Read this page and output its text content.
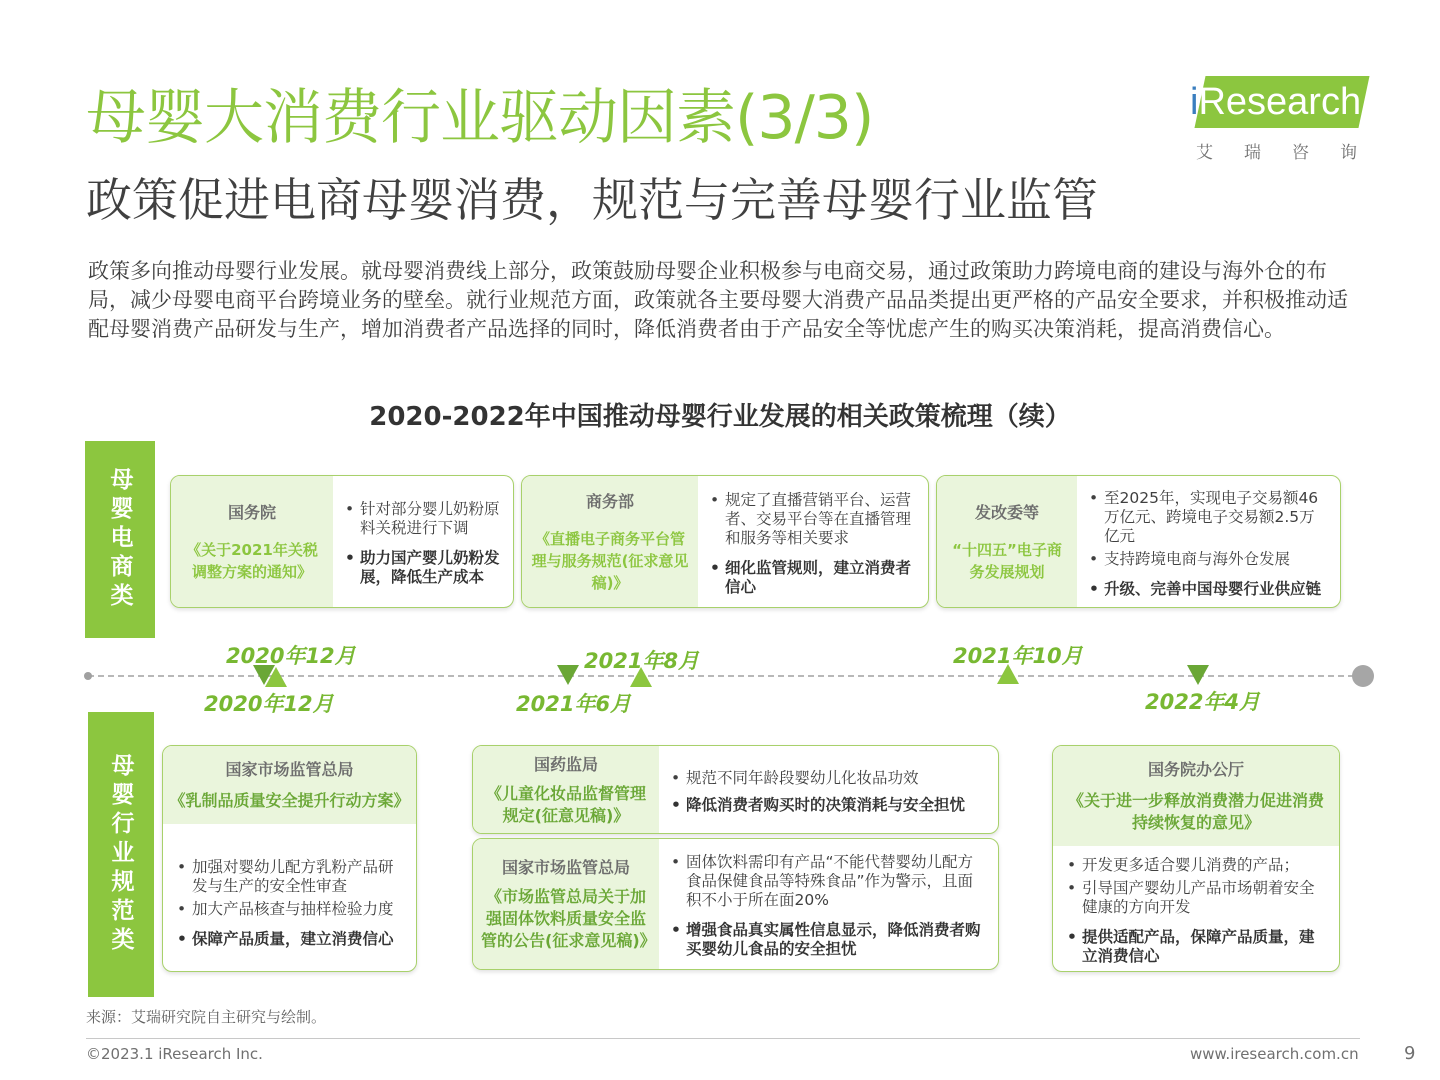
母婴大消费行业驱动因素(3/3)
政策促进电商母婴消费，规范与完善母婴行业监管
iResearch
艾瑞咨询
政策多向推动母婴行业发展。就母婴消费线上部分，政策鼓励母婴企业积极参与电商交易，通过政策助力跨境电商的建设与海外仓的布局，减少母婴电商平台跨境业务的壁垒。就行业规范方面，政策就各主要母婴大消费产品品类提出更严格的产品安全要求，并积极推动适配母婴消费产品研发与生产，增加消费者产品选择的同时，降低消费者由于产品安全等忧虑产生的购买决策消耗，提高消费信心。
2020-2022年中国推动母婴行业发展的相关政策梳理（续）
母婴电商类
母婴行业规范类
国务院
《关于2021年关税调整方案的通知》
• 针对部分婴儿奶粉原料关税进行下调
• 助力国产婴儿奶粉发展，降低生产成本
商务部
《直播电子商务平台管理与服务规范(征求意见稿)》
• 规定了直播营销平台、运营者、交易平台等在直播管理和服务等相关要求
• 细化监管规则，建立消费者信心
发改委等
“十四五”电子商务发展规划
• 至2025年，实现电子交易额46万亿元、跨境电子交易额2.5万亿元
• 支持跨境电商与海外仓发展
• 升级、完善中国母婴行业供应链
2020年12月	2021年8月	2021年10月
2020年12月	2021年6月	2022年4月
国家市场监管总局
《乳制品质量安全提升行动方案》
• 加强对婴幼儿配方乳粉产品研发与生产的安全性审查
• 加大产品核查与抽样检验力度
• 保障产品质量，建立消费信心
国药监局
《儿童化妆品监督管理规定(征意见稿)》
• 规范不同年龄段婴幼儿化妆品功效
• 降低消费者购买时的决策消耗与安全担忧
国家市场监管总局
《市场监管总局关于加强固体饮料质量安全监管的公告(征求意见稿)》
• 固体饮料需印有产品“不能代替婴幼儿配方食品保健食品等特殊食品”作为警示，且面积不小于所在面20%
• 增强食品真实属性信息显示，降低消费者购买婴幼儿食品的安全担忧
国务院办公厅
《关于进一步释放消费潜力促进消费持续恢复的意见》
• 开发更多适合婴儿消费的产品；
• 引导国产婴幼儿产品市场朝着安全健康的方向开发
• 提供适配产品，保障产品质量，建立消费信心
来源：艾瑞研究院自主研究与绘制。
©2023.1 iResearch Inc.	www.iresearch.com.cn	9
